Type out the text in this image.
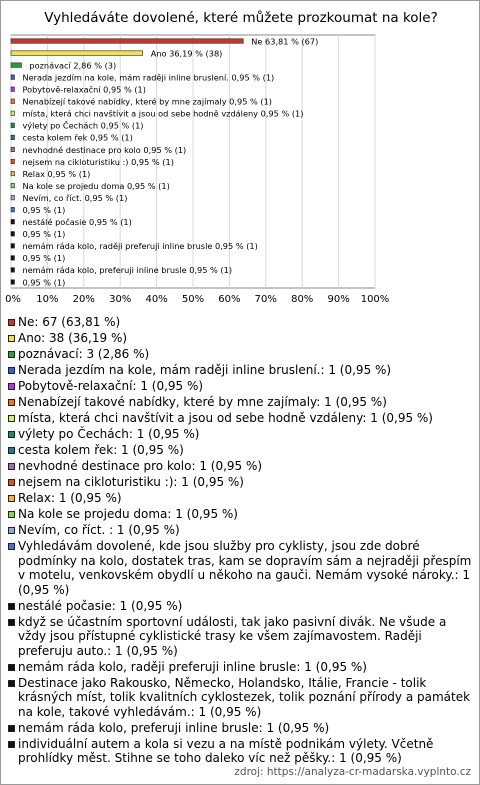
Vyhledáváte dovolené, které můžete prozkoumat na kole?
0% 10% 20% 30% 40% 50% 60% 70% 80% 90% 100%
Ne 63,81 % (67)
Ano 36,19 % (38)
poznávací 2,86 % (3)
Nerada jezdím na kole, mám raději inline bruslení. 0,95 % (1)
Pobytově-relaxační 0,95 % (1)
Nenabízejí takové nabídky, které by mne zajímaly 0,95 % (1)
místa, která chci navštívit a jsou od sebe hodně vzdáleny 0,95 % (1)
výlety po Čechách 0,95 % (1)
cesta kolem řek 0,95 % (1)
nevhodné destinace pro kolo 0,95 % (1)
nejsem na cikloturistiku :) 0,95 % (1)
Relax 0,95 % (1)
Na kole se projedu doma 0,95 % (1)
Nevím, co říct. 0,95 % (1)
0,95 % (1)
nestálé počasie 0,95 % (1)
0,95 % (1)
nemám ráda kolo, raději preferuji inline brusle 0,95 % (1)
0,95 % (1)
nemám ráda kolo, preferuji inline brusle 0,95 % (1)
0,95 % (1)
Ne: 67 (63,81 %)
Ano: 38 (36,19 %)
poznávací: 3 (2,86 %)
Nerada jezdím na kole, mám raději inline bruslení.: 1 (0,95 %)
Pobytově-relaxační: 1 (0,95 %)
Nenabízejí takové nabídky, které by mne zajímaly: 1 (0,95 %)
místa, která chci navštívit a jsou od sebe hodně vzdáleny: 1 (0,95 %)
výlety po Čechách: 1 (0,95 %)
cesta kolem řek: 1 (0,95 %)
nevhodné destinace pro kolo: 1 (0,95 %)
nejsem na cikloturistiku :): 1 (0,95 %)
Relax: 1 (0,95 %)
Na kole se projedu doma: 1 (0,95 %)
Nevím, co říct. : 1 (0,95 %)
Vyhledávám dovolené, kde jsou služby pro cyklisty, jsou zde dobré podmínky na kolo, dostatek tras, kam se dopravím sám a nejraději přespím v motelu, venkovském obydlí u někoho na gauči. Nemám vysoké nároky.: 1 (0,95 %)
nestálé počasie: 1 (0,95 %)
když se účastním sportovní události, tak jako pasivní divák. Ne všude a vždy jsou přístupné cyklistické trasy ke všem zajímavostem. Raději preferuju auto.: 1 (0,95 %)
nemám ráda kolo, raději preferuji inline brusle: 1 (0,95 %)
Destinace jako Rakousko, Německo, Holandsko, Itálie, Francie - tolik krásných míst, tolik kvalitních cyklostezek, tolik poznání přírody a památek na kole, takové vyhledávám.: 1 (0,95 %)
nemám ráda kolo, preferuji inline brusle: 1 (0,95 %)
individuální autem a kola si vezu a na místě podnikám výlety. Včetně prohlídky měst. Stihne se toho daleko víc než pěšky.: 1 (0,95 %)
zdroj: https://analyza-cr-madarska.vyplnto.cz
